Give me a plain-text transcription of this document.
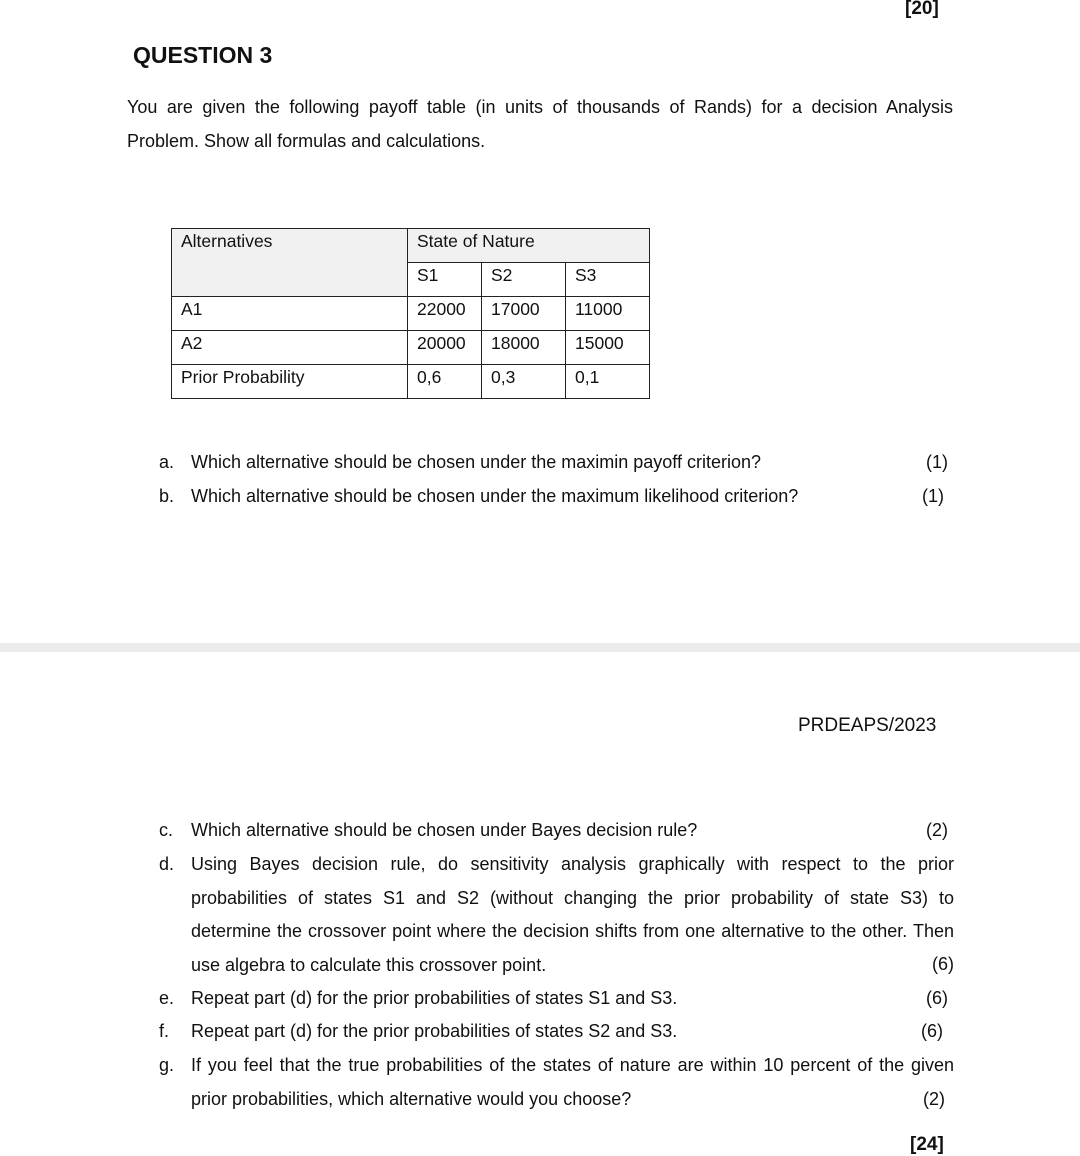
[20]
QUESTION 3
You are given the following payoff table (in units of thousands of Rands) for a decision Analysis Problem. Show all formulas and calculations.
Alternatives	State of Nature		
	S1	S2	S3
A1	22000	17000	11000
A2	20000	18000	15000
Prior Probability	0,6	0,3	0,1
a. Which alternative should be chosen under the maximin payoff criterion?	(1)
b. Which alternative should be chosen under the maximum likelihood criterion?	(1)
PRDEAPS/2023
c. Which alternative should be chosen under Bayes decision rule?	(2)
d. Using Bayes decision rule, do sensitivity analysis graphically with respect to the prior probabilities of states S1 and S2 (without changing the prior probability of state S3) to determine the crossover point where the decision shifts from one alternative to the other. Then use algebra to calculate this crossover point.	(6)
e. Repeat part (d) for the prior probabilities of states S1 and S3.	(6)
f. Repeat part (d) for the prior probabilities of states S2 and S3.	(6)
g. If you feel that the true probabilities of the states of nature are within 10 percent of the given prior probabilities, which alternative would you choose?	(2)
[24]
